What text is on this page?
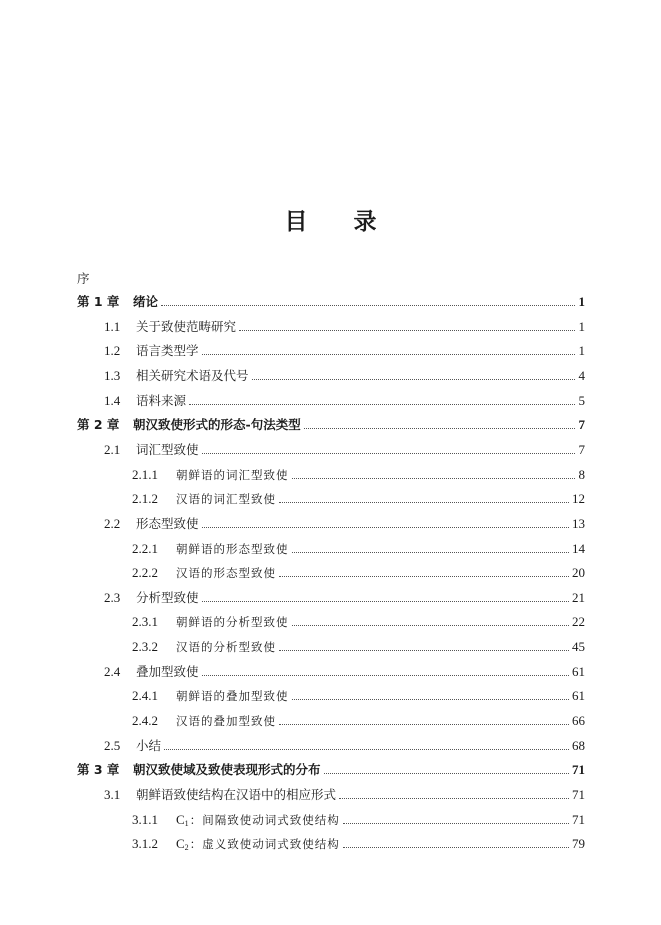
目 录
序
第 1 章 绪论	1
1.1 关于致使范畴研究	1
1.2 语言类型学	1
1.3 相关研究术语及代号	4
1.4 语料来源	5
第 2 章 朝汉致使形式的形态-句法类型	7
2.1 词汇型致使	7
2.1.1 朝鲜语的词汇型致使	8
2.1.2 汉语的词汇型致使	12
2.2 形态型致使	13
2.2.1 朝鲜语的形态型致使	14
2.2.2 汉语的形态型致使	20
2.3 分析型致使	21
2.3.1 朝鲜语的分析型致使	22
2.3.2 汉语的分析型致使	45
2.4 叠加型致使	61
2.4.1 朝鲜语的叠加型致使	61
2.4.2 汉语的叠加型致使	66
2.5 小结	68
第 3 章 朝汉致使域及致使表现形式的分布	71
3.1 朝鲜语致使结构在汉语中的相应形式	71
3.1.1 $C_1$：间隔致使动词式致使结构	71
3.1.2 $C_2$：虚义致使动词式致使结构	79
